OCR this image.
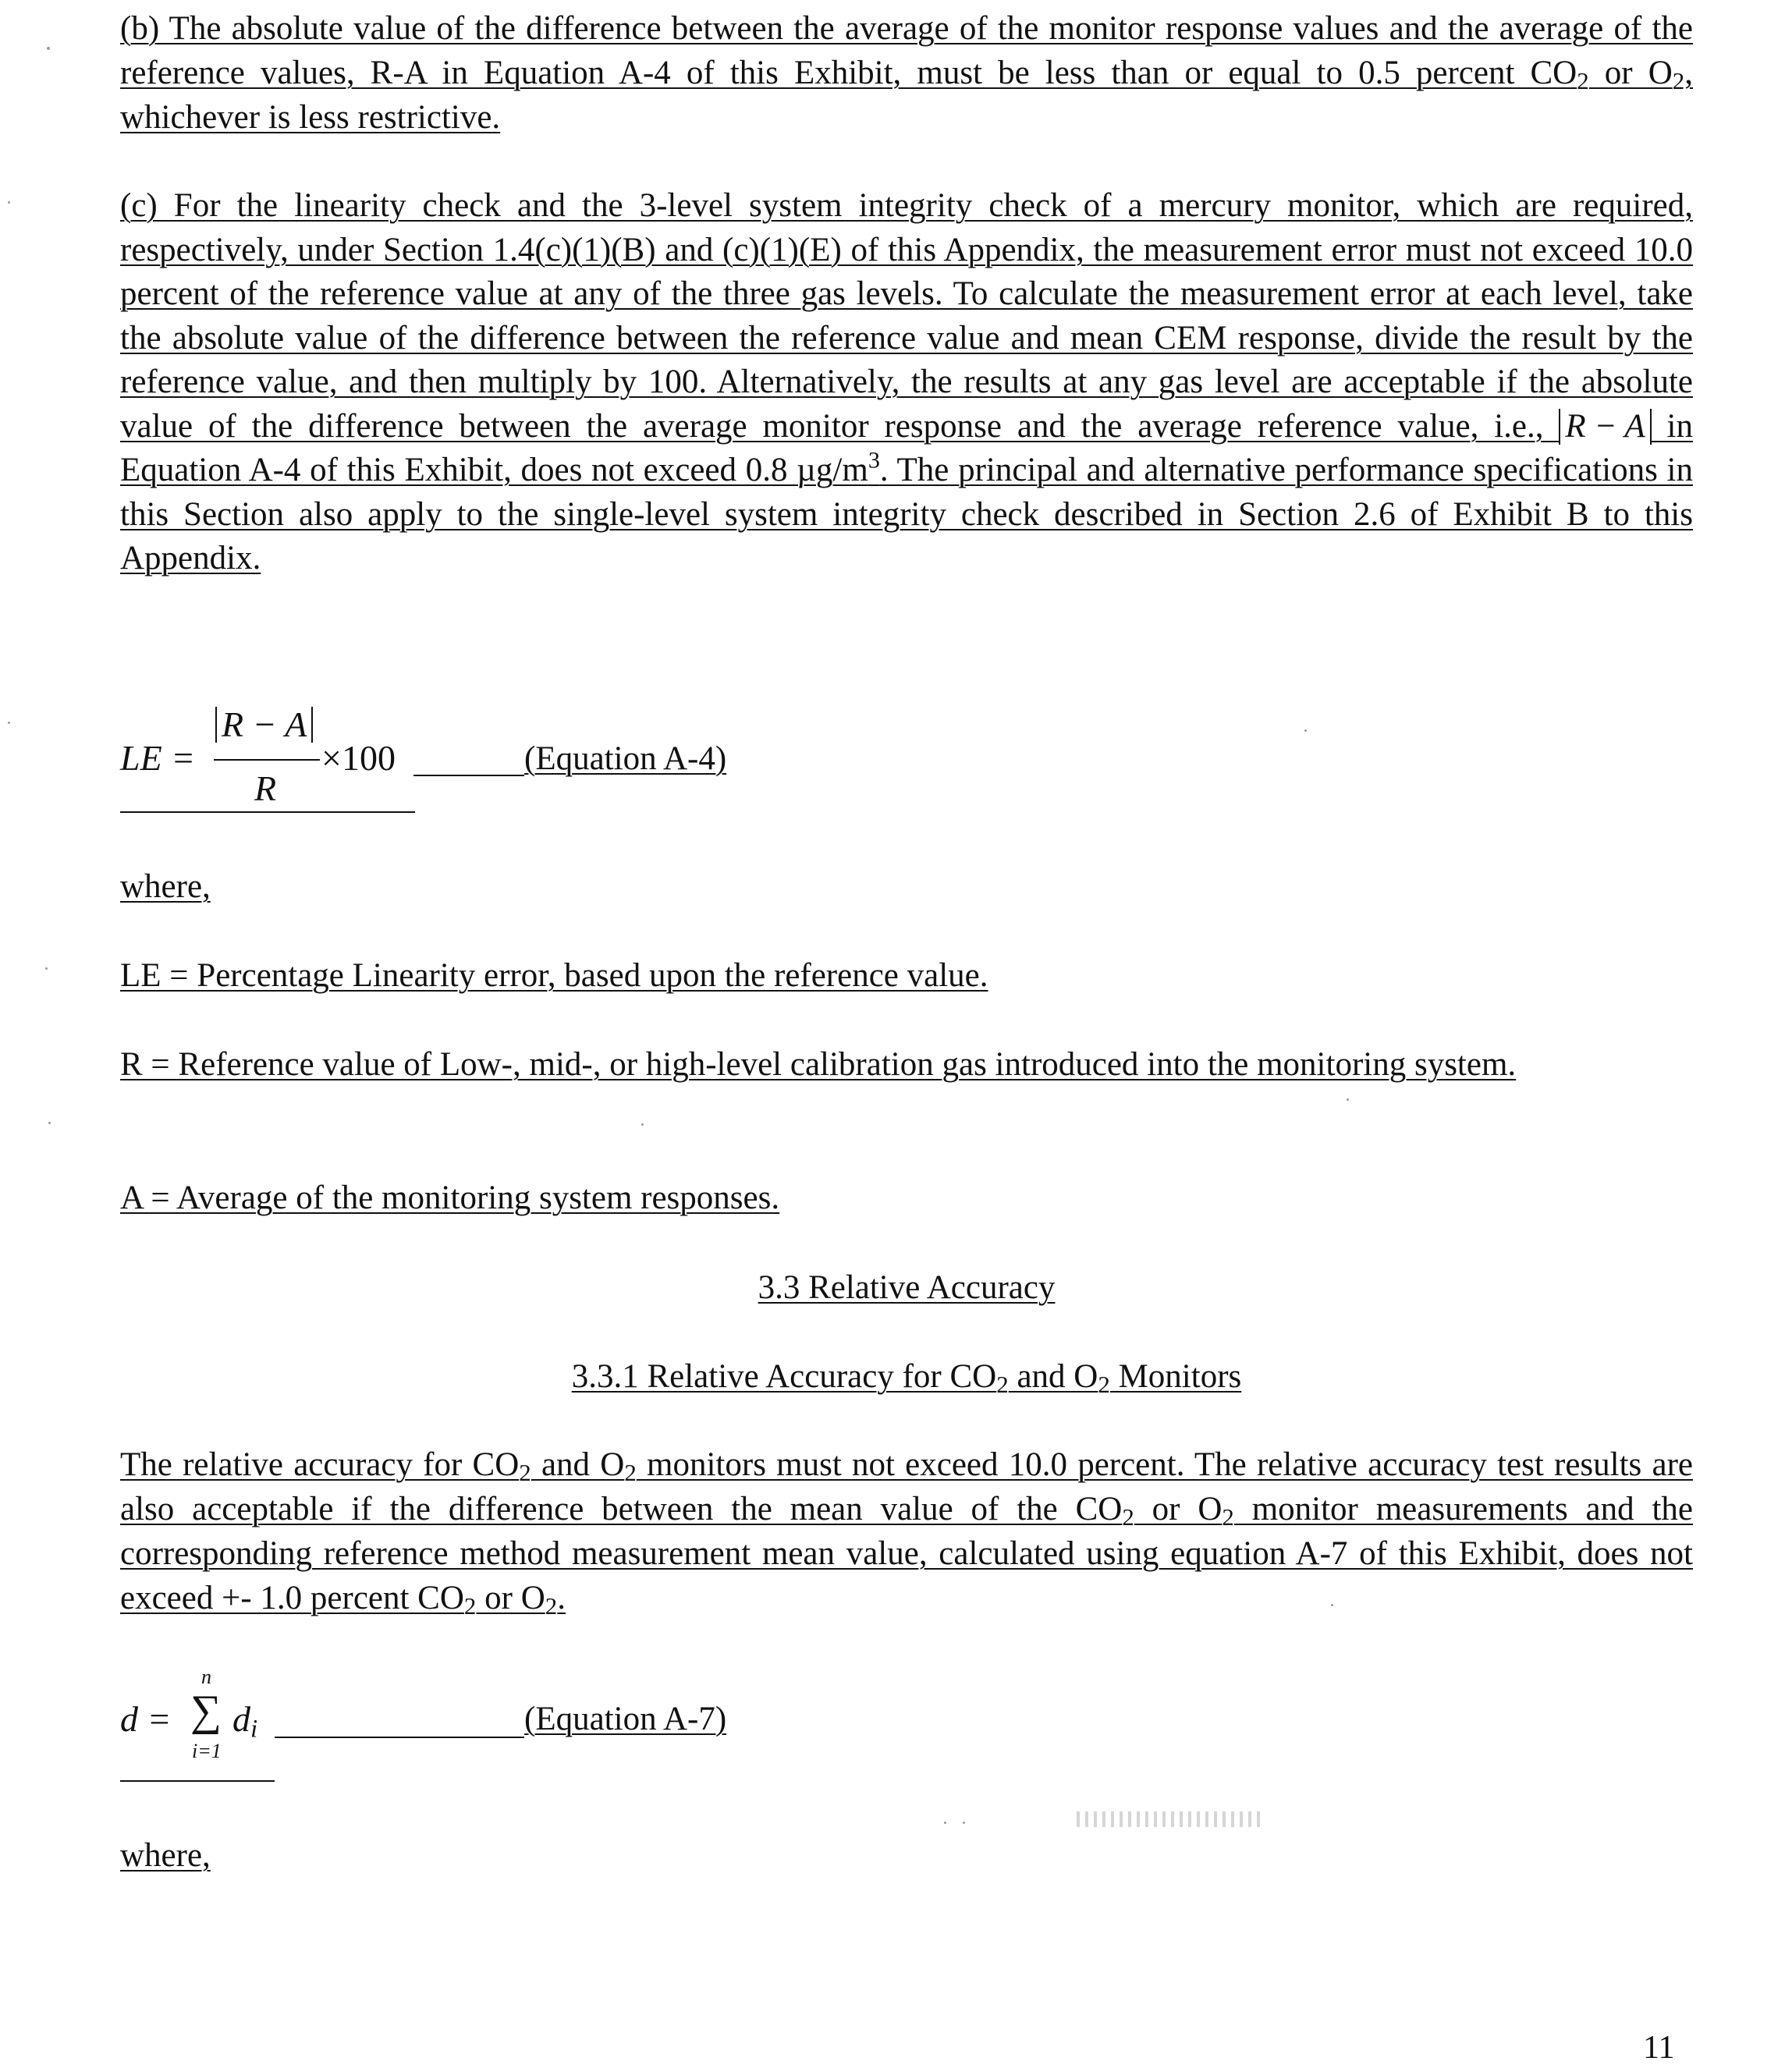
(b) The absolute value of the difference between the average of the monitor response values and the average of the reference values, R-A in Equation A-4 of this Exhibit, must be less than or equal to 0.5 percent $CO_2$ or $O_2$, whichever is less restrictive.

(c) For the linearity check and the 3-level system integrity check of a mercury monitor, which are required, respectively, under Section 1.4(c)(1)(B) and (c)(1)(E) of this Appendix, the measurement error must not exceed 10.0 percent of the reference value at any of the three gas levels. To calculate the measurement error at each level, take the absolute value of the difference between the reference value and mean CEM response, divide the result by the reference value, and then multiply by 100. Alternatively, the results at any gas level are acceptable if the absolute value of the difference between the average monitor response and the average reference value, i.e., R − A in Equation A-4 of this Exhibit, does not exceed 0.8 $\mu g/m^3$. The principal and alternative performance specifications in this Section also apply to the single-level system integrity check described in Section 2.6 of Exhibit B to this Appendix.

LE =
R − A
R
×100	(Equation A-4)
where,
LE = Percentage Linearity error, based upon the reference value.

R = Reference value of Low-, mid-, or high-level calibration gas introduced into the monitoring system.

A = Average of the monitoring system responses.

3.3 Relative Accuracy

3.3.1 Relative Accuracy for $CO_2$ and $O_2$ Monitors

The relative accuracy for $CO_2$ and $O_2$ monitors must not exceed 10.0 percent. The relative accuracy test results are also acceptable if the difference between the mean value of the $CO_2$ or $O_2$ monitor measurements and the corresponding reference method measurement mean value, calculated using equation A-7 of this Exhibit, does not exceed +- 1.0 percent $CO_2$ or $O_2$.

d =
n
∑
i=1
$d_i$	(Equation A-7)
where,
11
